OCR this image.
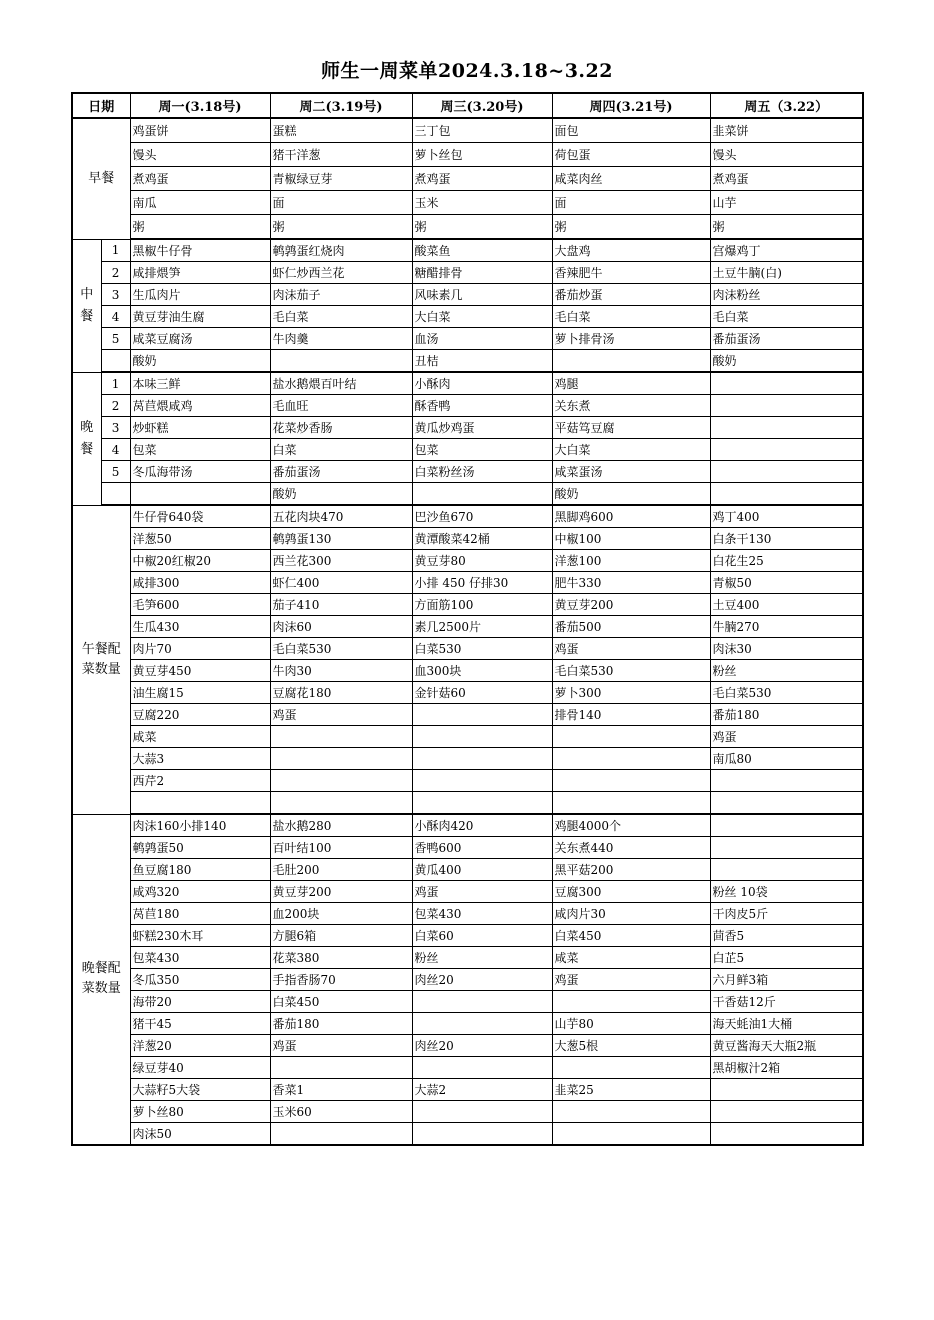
师生一周菜单2024.3.18~3.22
日期		周一(3.18号)	周二(3.19号)	周三(3.20号)	周四(3.21号)	周五（3.22）
早餐		鸡蛋饼	蛋糕	三丁包	面包	韭菜饼
		馒头	猪干洋葱	萝卜丝包	荷包蛋	馒头
		煮鸡蛋	青椒绿豆芽	煮鸡蛋	咸菜肉丝	煮鸡蛋
		南瓜	面	玉米	面	山芋
		粥	粥	粥	粥	粥
中餐	1	黑椒牛仔骨	鹌鹑蛋红烧肉	酸菜鱼	大盘鸡	宫爆鸡丁
	2	咸排煨笋	虾仁炒西兰花	糖醋排骨	香辣肥牛	土豆牛腩(白)
	3	生瓜肉片	肉沫茄子	风味素几	番茄炒蛋	肉沫粉丝
	4	黄豆芽油生腐	毛白菜	大白菜	毛白菜	毛白菜
	5	咸菜豆腐汤	牛肉羹	血汤	萝卜排骨汤	番茄蛋汤
		酸奶		丑桔		酸奶
晚餐	1	本味三鲜	盐水鹅煨百叶结	小酥肉	鸡腿	
	2	莴苣煨咸鸡	毛血旺	酥香鸭	关东煮	
	3	炒虾糕	花菜炒香肠	黄瓜炒鸡蛋	平菇笃豆腐	
	4	包菜	白菜	包菜	大白菜	
	5	冬瓜海带汤	番茄蛋汤	白菜粉丝汤	咸菜蛋汤	
			酸奶		酸奶	
午餐配菜数量		牛仔骨640袋	五花肉块470	巴沙鱼670	黑脚鸡600	鸡丁400
		洋葱50	鹌鹑蛋130	黄潭酸菜42桶	中椒100	白条干130
		中椒20红椒20	西兰花300	黄豆芽80	洋葱100	白花生25
		咸排300	虾仁400	小排 450 仔排30	肥牛330	青椒50
		毛笋600	茄子410	方面筋100	黄豆芽200	土豆400
		生瓜430	肉沫60	素几2500片	番茄500	牛腩270
		肉片70	毛白菜530	白菜530	鸡蛋	肉沫30
		黄豆芽450	牛肉30	血300块	毛白菜530	粉丝
		油生腐15	豆腐花180	金针菇60	萝卜300	毛白菜530
		豆腐220	鸡蛋		排骨140	番茄180
		咸菜				鸡蛋
		大蒜3				南瓜80
		西芹2				

晚餐配菜数量		肉沫160小排140	盐水鹅280	小酥肉420	鸡腿4000个	
		鹌鹑蛋50	百叶结100	香鸭600	关东煮440	
		鱼豆腐180	毛肚200	黄瓜400	黑平菇200	
		咸鸡320	黄豆芽200	鸡蛋	豆腐300	粉丝 10袋
		莴苣180	血200块	包菜430	咸肉片30	干肉皮5斤
		虾糕230木耳	方腿6箱	白菜60	白菜450	茴香5
		包菜430	花菜380	粉丝	咸菜	白芷5
		冬瓜350	手指香肠70	肉丝20	鸡蛋	六月鲜3箱
		海带20	白菜450			干香菇12斤
		猪干45	番茄180		山芋80	海天蚝油1大桶
		洋葱20	鸡蛋	肉丝20	大葱5根	黄豆酱海天大瓶2瓶
		绿豆芽40				黑胡椒汁2箱
		大蒜籽5大袋	香菜1	大蒜2	韭菜25	
		萝卜丝80	玉米60			
		肉沫50				
